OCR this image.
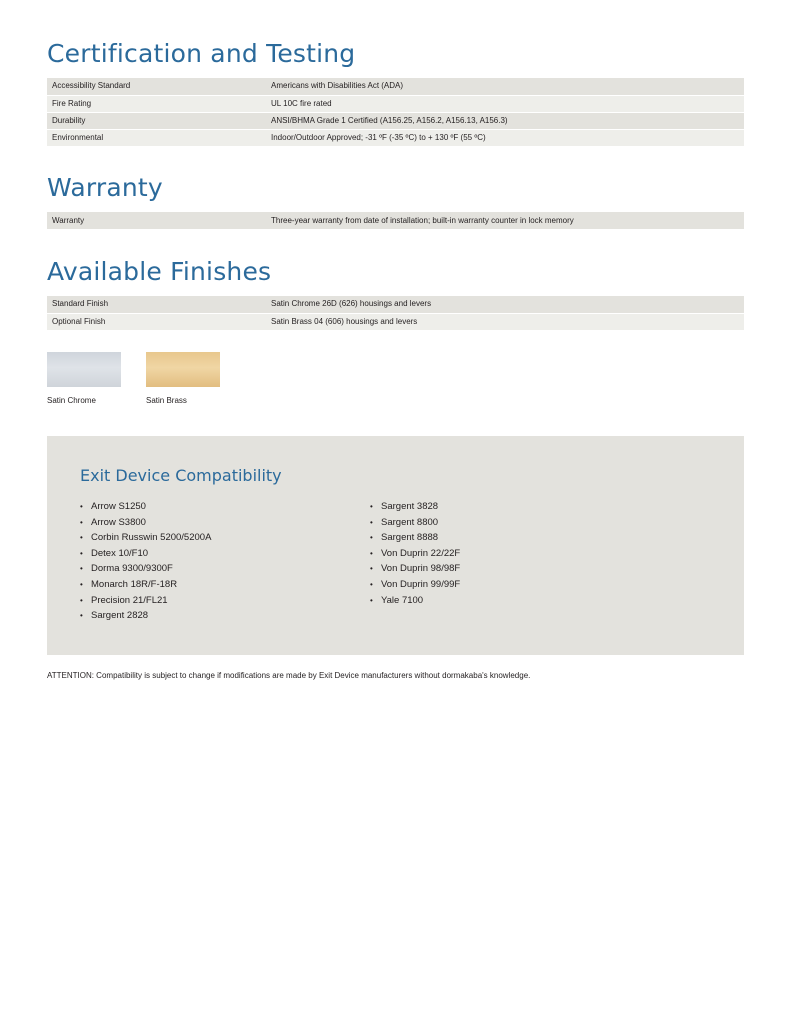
Certification and Testing
Accessibility Standard	Americans with Disabilities Act (ADA)
Fire Rating	UL 10C fire rated
Durability	ANSI/BHMA Grade 1 Certified (A156.25, A156.2, A156.13, A156.3)
Environmental	Indoor/Outdoor Approved; -31 ºF (-35 ºC) to + 130 ºF (55 ºC)
Warranty
Warranty	Three-year warranty from date of installation; built-in warranty counter in lock memory
Available Finishes
Standard Finish	Satin Chrome 26D (626) housings and levers
Optional Finish	Satin Brass 04 (606) housings and levers
Satin Chrome	Satin Brass
Exit Device Compatibility
• Arrow S1250
• Arrow S3800
• Corbin Russwin 5200/5200A
• Detex 10/F10
• Dorma 9300/9300F
• Monarch 18R/F-18R
• Precision 21/FL21
• Sargent 2828
• Sargent 3828
• Sargent 8800
• Sargent 8888
• Von Duprin 22/22F
• Von Duprin 98/98F
• Von Duprin 99/99F
• Yale 7100
ATTENTION: Compatibility is subject to change if modifications are made by Exit Device manufacturers without dormakaba's knowledge.
